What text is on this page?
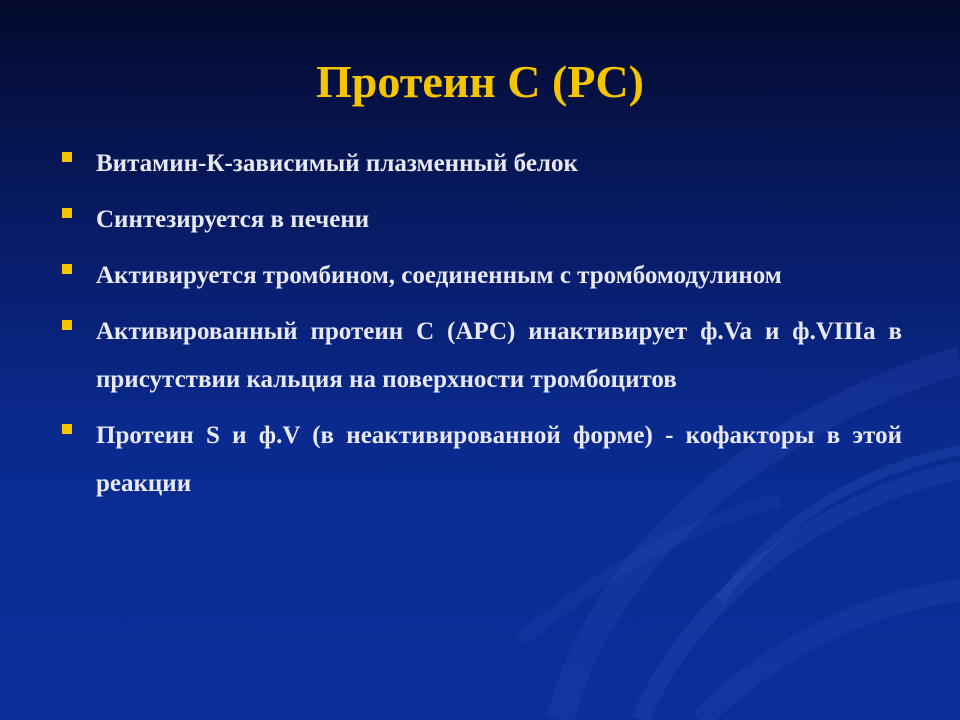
Протеин С (PC)
Витамин-К-зависимый плазменный белок
Синтезируется в печени
Активируется тромбином, соединенным с тромбомодулином
Активированный протеин С (АРС) инактивирует ф.Va и ф.VIIIa в присутствии кальция на поверхности тромбоцитов
Протеин S и ф.V (в неактивированной форме) - кофакторы в этой реакции
